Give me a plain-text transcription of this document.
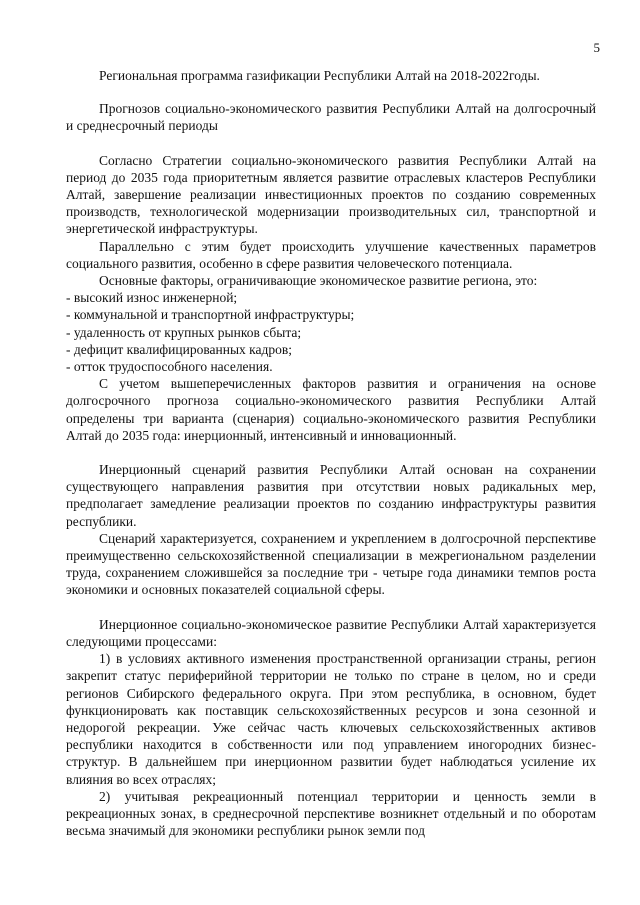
5

Региональная программа газификации Республики Алтай на 2018-2022годы.

Прогнозов социально-экономического развития Республики Алтай на долгосрочный и среднесрочный периоды

Согласно Стратегии социально-экономического развития Республики Алтай на период до 2035 года приоритетным является развитие отраслевых кластеров Республики Алтай, завершение реализации инвестиционных проектов по созданию современных производств, технологической модернизации производительных сил, транспортной и энергетической инфраструктуры.

Параллельно с этим будет происходить улучшение качественных параметров социального развития, особенно в сфере развития человеческого потенциала.

Основные факторы, ограничивающие экономическое развитие региона, это:

- высокий износ инженерной;

- коммунальной и транспортной инфраструктуры;

- удаленность от крупных рынков сбыта;

- дефицит квалифицированных кадров;

- отток трудоспособного населения.

С учетом вышеперечисленных факторов развития и ограничения на основе долгосрочного прогноза социально-экономического развития Республики Алтай определены три варианта (сценария) социально-экономического развития Республики Алтай до 2035 года: инерционный, интенсивный и инновационный.

Инерционный сценарий развития Республики Алтай основан на сохранении существующего направления развития при отсутствии новых радикальных мер, предполагает замедление реализации проектов по созданию инфраструктуры развития республики.

Сценарий характеризуется, сохранением и укреплением в долгосрочной перспективе преимущественно сельскохозяйственной специализации в межрегиональном разделении труда, сохранением сложившейся за последние три - четыре года динамики темпов роста экономики и основных показателей социальной сферы.

Инерционное социально-экономическое развитие Республики Алтай характеризуется следующими процессами:

1) в условиях активного изменения пространственной организации страны, регион закрепит статус периферийной территории не только по стране в целом, но и среди регионов Сибирского федерального округа. При этом республика, в основном, будет функционировать как поставщик сельскохозяйственных ресурсов и зона сезонной и недорогой рекреации. Уже сейчас часть ключевых сельскохозяйственных активов республики находится в собственности или под управлением иногородних бизнес-структур. В дальнейшем при инерционном развитии будет наблюдаться усиление их влияния во всех отраслях;

2) учитывая рекреационный потенциал территории и ценность земли в рекреационных зонах, в среднесрочной перспективе возникнет отдельный и по оборотам весьма значимый для экономики республики рынок земли под
